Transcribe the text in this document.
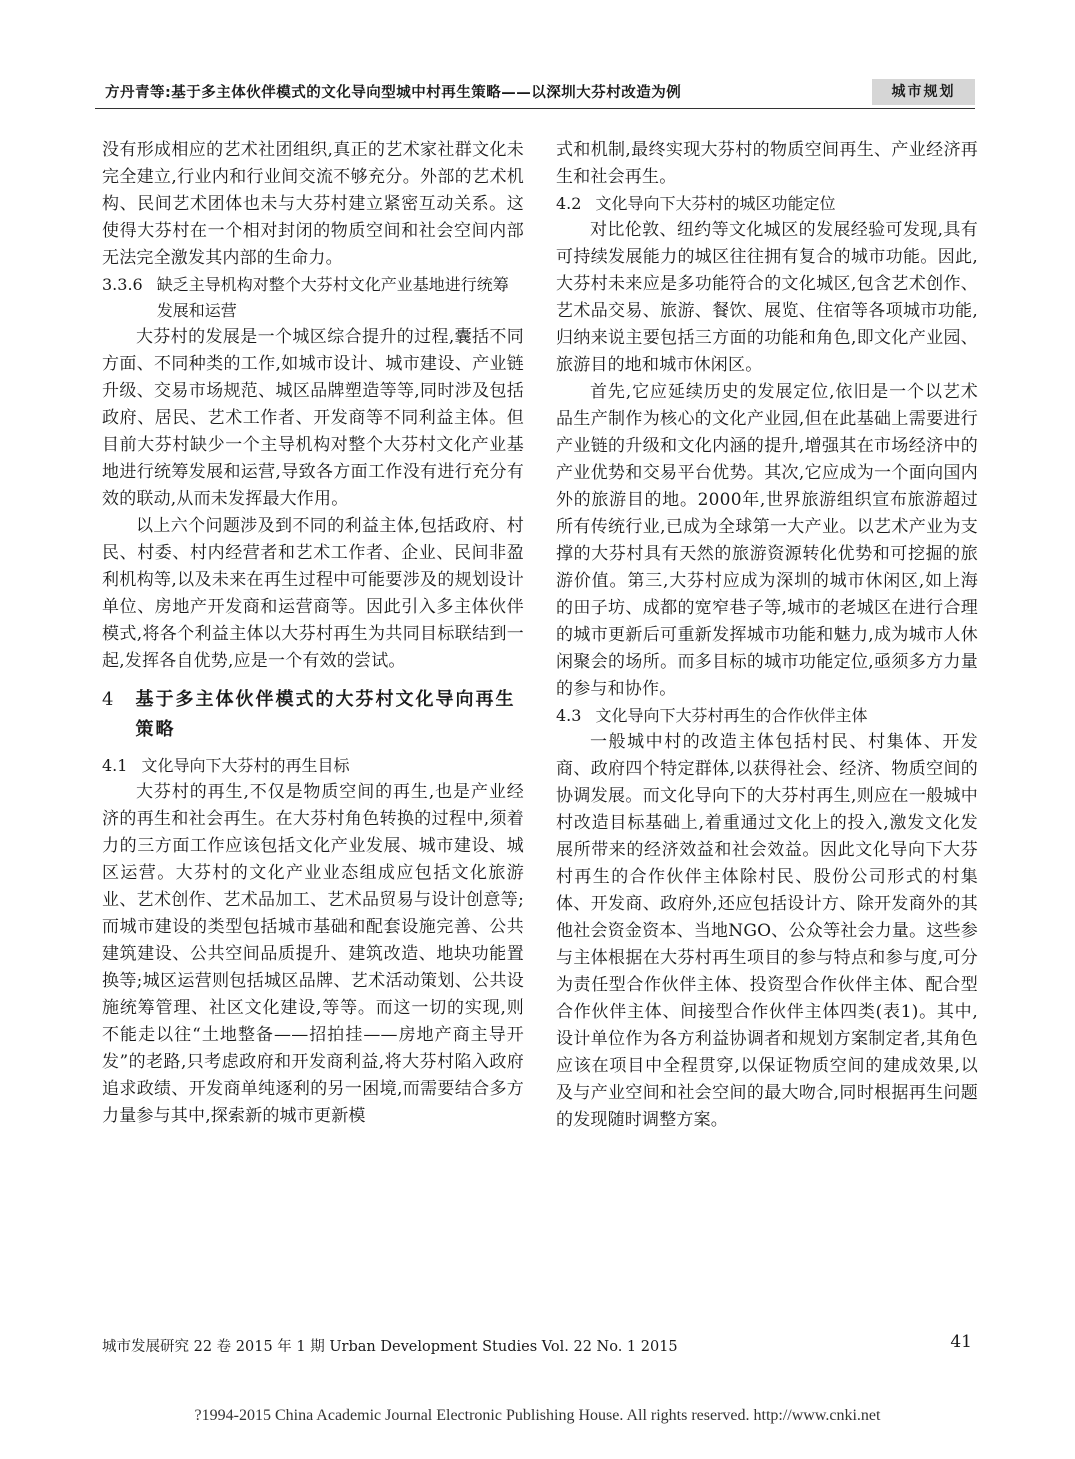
方丹青等:基于多主体伙伴模式的文化导向型城中村再生策略——以深圳大芬村改造为例	城市规划
没有形成相应的艺术社团组织,真正的艺术家社群文化未完全建立,行业内和行业间交流不够充分。外部的艺术机构、民间艺术团体也未与大芬村建立紧密互动关系。这使得大芬村在一个相对封闭的物质空间和社会空间内部无法完全激发其内部的生命力。
3.3.6 缺乏主导机构对整个大芬村文化产业基地进行统筹发展和运营

大芬村的发展是一个城区综合提升的过程,囊括不同方面、不同种类的工作,如城市设计、城市建设、产业链升级、交易市场规范、城区品牌塑造等等,同时涉及包括政府、居民、艺术工作者、开发商等不同利益主体。但目前大芬村缺少一个主导机构对整个大芬村文化产业基地进行统筹发展和运营,导致各方面工作没有进行充分有效的联动,从而未发挥最大作用。

以上六个问题涉及到不同的利益主体,包括政府、村民、村委、村内经营者和艺术工作者、企业、民间非盈利机构等,以及未来在再生过程中可能要涉及的规划设计单位、房地产开发商和运营商等。因此引入多主体伙伴模式,将各个利益主体以大芬村再生为共同目标联结到一起,发挥各自优势,应是一个有效的尝试。

4 基于多主体伙伴模式的大芬村文化导向再生策略
4.1 文化导向下大芬村的再生目标

大芬村的再生,不仅是物质空间的再生,也是产业经济的再生和社会再生。在大芬村角色转换的过程中,须着力的三方面工作应该包括文化产业发展、城市建设、城区运营。大芬村的文化产业业态组成应包括文化旅游业、艺术创作、艺术品加工、艺术品贸易与设计创意等;而城市建设的类型包括城市基础和配套设施完善、公共建筑建设、公共空间品质提升、建筑改造、地块功能置换等;城区运营则包括城区品牌、艺术活动策划、公共设施统筹管理、社区文化建设,等等。而这一切的实现,则不能走以往“土地整备——招拍挂——房地产商主导开发”的老路,只考虑政府和开发商利益,将大芬村陷入政府追求政绩、开发商单纯逐利的另一困境,而需要结合多方力量参与其中,探索新的城市更新模

式和机制,最终实现大芬村的物质空间再生、产业经济再生和社会再生。
4.2 文化导向下大芬村的城区功能定位

对比伦敦、纽约等文化城区的发展经验可发现,具有可持续发展能力的城区往往拥有复合的城市功能。因此,大芬村未来应是多功能符合的文化城区,包含艺术创作、艺术品交易、旅游、餐饮、展览、住宿等各项城市功能,归纳来说主要包括三方面的功能和角色,即文化产业园、旅游目的地和城市休闲区。

首先,它应延续历史的发展定位,依旧是一个以艺术品生产制作为核心的文化产业园,但在此基础上需要进行产业链的升级和文化内涵的提升,增强其在市场经济中的产业优势和交易平台优势。其次,它应成为一个面向国内外的旅游目的地。2000年,世界旅游组织宣布旅游超过所有传统行业,已成为全球第一大产业。以艺术产业为支撑的大芬村具有天然的旅游资源转化优势和可挖掘的旅游价值。第三,大芬村应成为深圳的城市休闲区,如上海的田子坊、成都的宽窄巷子等,城市的老城区在进行合理的城市更新后可重新发挥城市功能和魅力,成为城市人休闲聚会的场所。而多目标的城市功能定位,亟须多方力量的参与和协作。

4.3 文化导向下大芬村再生的合作伙伴主体

一般城中村的改造主体包括村民、村集体、开发商、政府四个特定群体,以获得社会、经济、物质空间的协调发展。而文化导向下的大芬村再生,则应在一般城中村改造目标基础上,着重通过文化上的投入,激发文化发展所带来的经济效益和社会效益。因此文化导向下大芬村再生的合作伙伴主体除村民、股份公司形式的村集体、开发商、政府外,还应包括设计方、除开发商外的其他社会资金资本、当地NGO、公众等社会力量。这些参与主体根据在大芬村再生项目的参与特点和参与度,可分为责任型合作伙伴主体、投资型合作伙伴主体、配合型合作伙伴主体、间接型合作伙伴主体四类(表1)。其中,设计单位作为各方利益协调者和规划方案制定者,其角色应该在项目中全程贯穿,以保证物质空间的建成效果,以及与产业空间和社会空间的最大吻合,同时根据再生问题的发现随时调整方案。

城市发展研究 22 卷 2015 年 1 期 Urban Development Studies Vol. 22 No. 1 2015	41
?1994-2015 China Academic Journal Electronic Publishing House. All rights reserved. http://www.cnki.net
